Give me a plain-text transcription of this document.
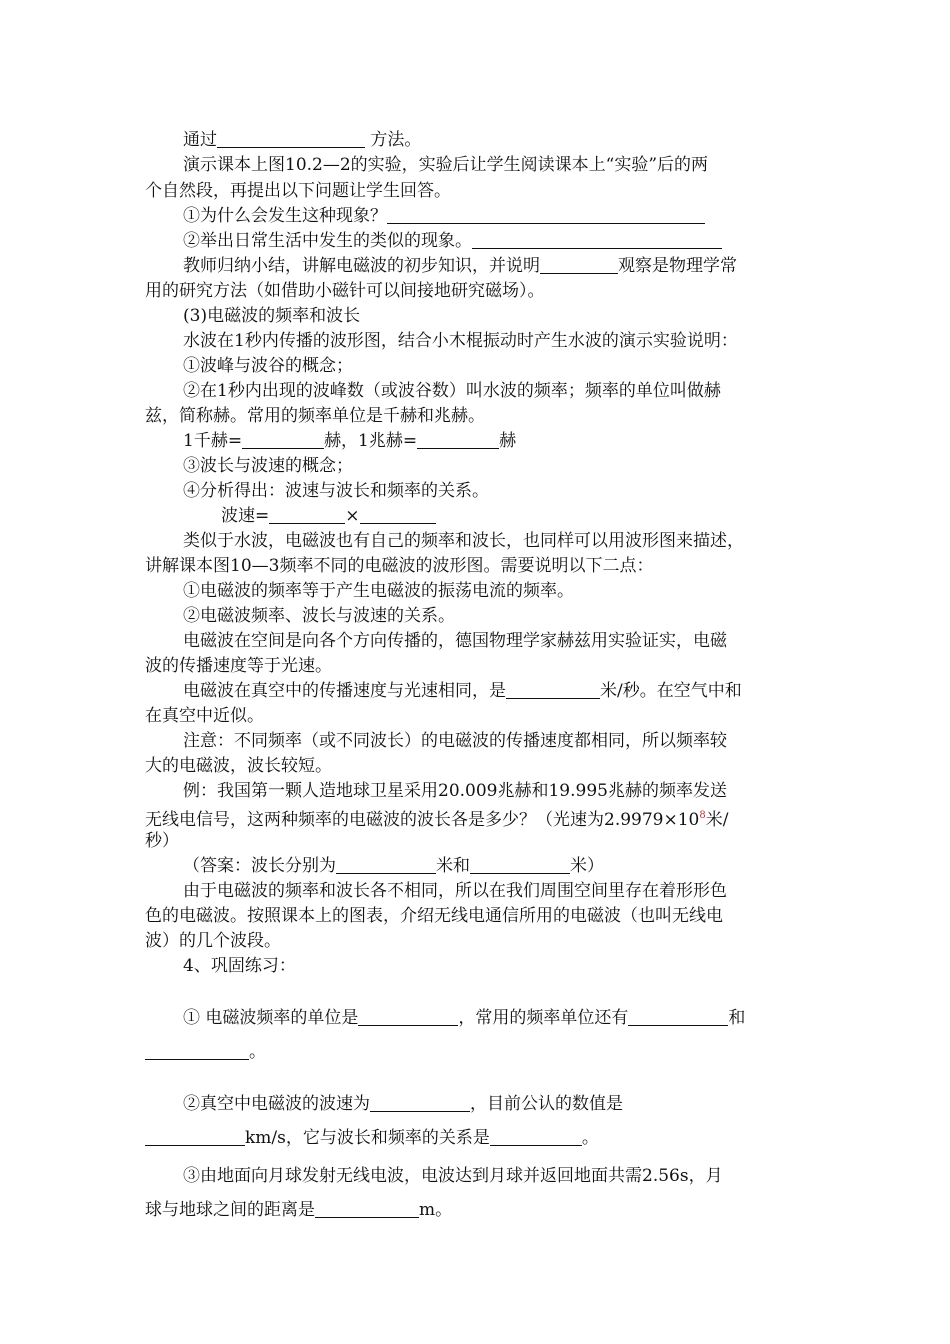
通过	方法。
演示课本上图10.2—2的实验，实验后让学生阅读课本上“实验”后的两
个自然段，再提出以下问题让学生回答。
①为什么会发生这种现象？
②举出日常生活中发生的类似的现象。
教师归纳小结，讲解电磁波的初步知识，并说明	观察是物理学常
用的研究方法（如借助小磁针可以间接地研究磁场）。
(3)电磁波的频率和波长
水波在1秒内传播的波形图，结合小木棍振动时产生水波的演示实验说明：
①波峰与波谷的概念；
②在1秒内出现的波峰数（或波谷数）叫水波的频率；频率的单位叫做赫
兹，简称赫。常用的频率单位是千赫和兆赫。
1千赫=	赫，1兆赫=	赫
③波长与波速的概念；
④分析得出：波速与波长和频率的关系。
波速=	×
类似于水波，电磁波也有自己的频率和波长，也同样可以用波形图来描述，
讲解课本图10—3频率不同的电磁波的波形图。需要说明以下二点：
①电磁波的频率等于产生电磁波的振荡电流的频率。
②电磁波频率、波长与波速的关系。
电磁波在空间是向各个方向传播的，德国物理学家赫兹用实验证实，电磁
波的传播速度等于光速。
电磁波在真空中的传播速度与光速相同，是	米/秒。在空气中和
在真空中近似。
注意：不同频率（或不同波长）的电磁波的传播速度都相同，所以频率较
大的电磁波，波长较短。
例：我国第一颗人造地球卫星采用20.009兆赫和19.995兆赫的频率发送
无线电信号，这两种频率的电磁波的波长各是多少？（光速为$2.9979\times 10^8$米/
秒）
（答案：波长分别为	米和	米）
由于电磁波的频率和波长各不相同，所以在我们周围空间里存在着形形色
色的电磁波。按照课本上的图表，介绍无线电通信所用的电磁波（也叫无线电
波）的几个波段。
4、巩固练习：
① 电磁波频率的单位是	，常用的频率单位还有	和
。
②真空中电磁波的波速为	，目前公认的数值是
km/s，它与波长和频率的关系是	。
③由地面向月球发射无线电波，电波达到月球并返回地面共需2.56s，月
球与地球之间的距离是	m。
